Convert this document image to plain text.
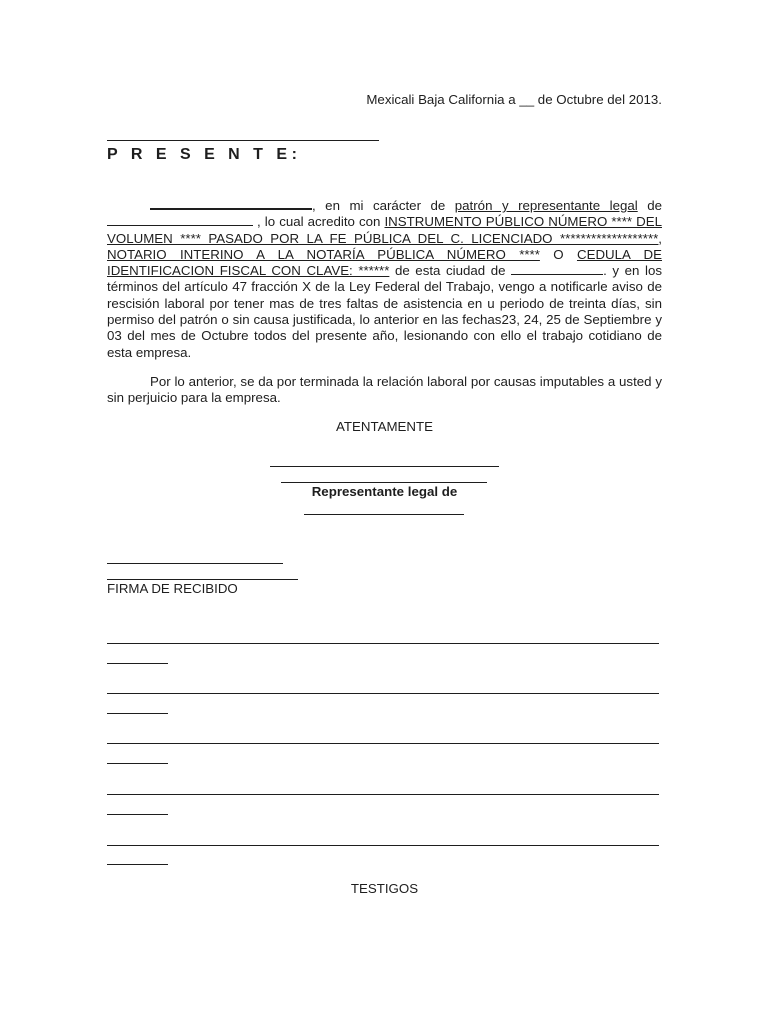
Mexicali Baja California a __ de Octubre del 2013.
P R E S E N T E:
, en mi carácter de patrón y representante legal de  , lo cual acredito con INSTRUMENTO PÚBLICO NÚMERO **** DEL VOLUMEN **** PASADO POR LA FE PÚBLICA DEL C. LICENCIADO *******************, NOTARIO INTERINO A LA NOTARÍA PÚBLICA NÚMERO **** O CEDULA DE IDENTIFICACION FISCAL CON CLAVE: ****** de esta ciudad de	. y en los términos del artículo 47 fracción X de la Ley Federal del Trabajo, vengo a notificarle aviso de rescisión laboral por tener mas de tres faltas de asistencia en u periodo de treinta días, sin permiso del patrón o sin causa justificada, lo anterior en las fechas23, 24, 25 de Septiembre y 03 del mes de Octubre todos del presente año, lesionando con ello el trabajo cotidiano de esta empresa.
Por lo anterior, se da por terminada la relación laboral por causas imputables a usted y sin perjuicio para la empresa.
ATENTAMENTE
Representante legal de
FIRMA DE RECIBIDO
TESTIGOS
